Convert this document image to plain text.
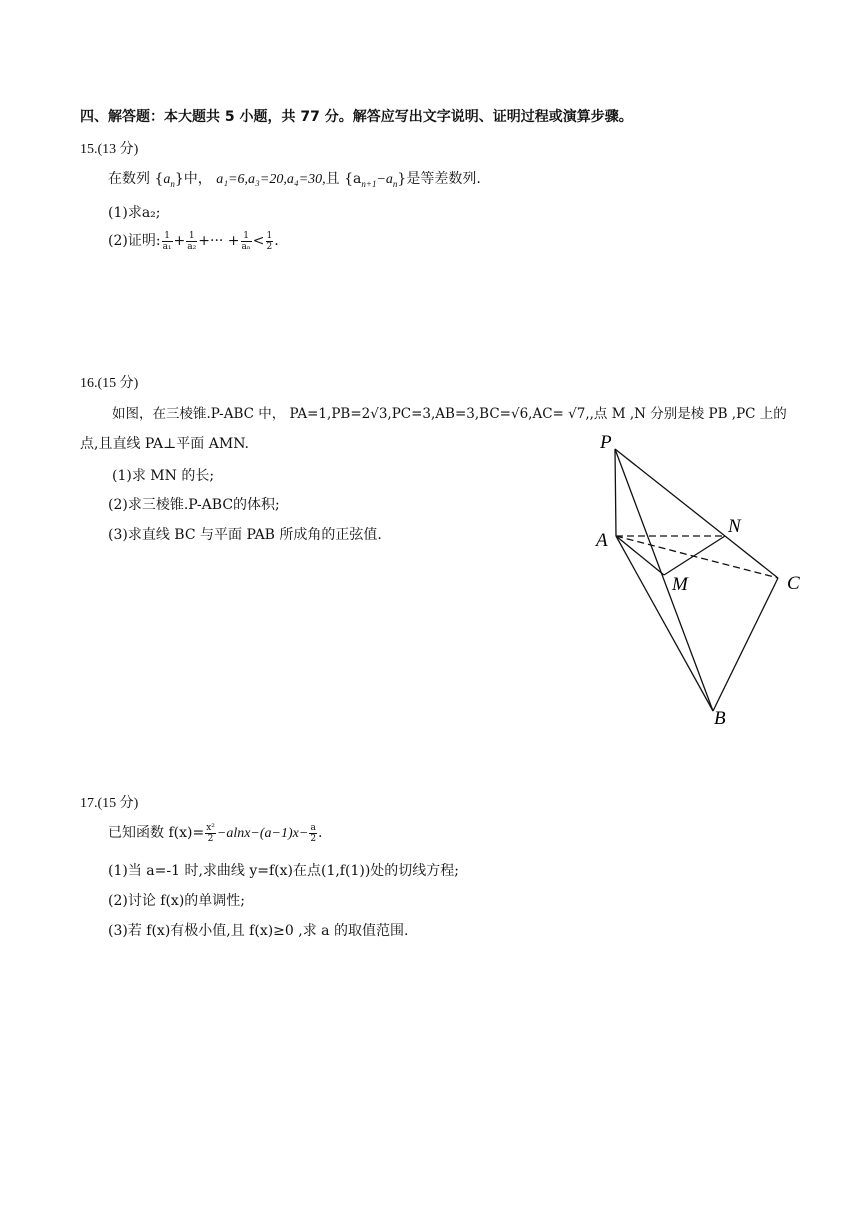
四、解答题：本大题共 5 小题，共 77 分。解答应写出文字说明、证明过程或演算步骤。
15.(13 分)
在数列 $\{a_n\}$中， a₁=6,a₃=20,a₄=30,且 $\{a_{n+1}-a_n\}$是等差数列.
(1)求a₂;
(2)证明: $\frac{1}{\text{a₁}} + \frac{1}{\text{a₂}}$ +··· + $\frac{1}{\text{aₙ}} < \frac{1}{2}$ .
16.(15 分)
如图，在三棱锥.P-ABC 中， PA=1,PB=2√3,PC=3,AB=3,BC=√6,AC= √7,,点 M ,N 分别是棱 PB ,PC 上的
点,且直线 PA⊥平面 AMN.
(1)求 MN 的长;
(2)求三棱锥.P-ABC的体积;
(3)求直线 BC 与平面 PAB 所成角的正弦值.
P
A
N
M	C
B
17.(15 分)
已知函数 $f(x)= \frac{\text{x²}}{2} -alnx-(a-1)x- \frac{a}{2}$ .
(1)当 a=-1 时,求曲线 y=f(x)在点(1,f(1))处的切线方程;
(2)讨论 f(x)的单调性;
(3)若 f(x)有极小值,且 f(x)≥0 ,求 a 的取值范围.
